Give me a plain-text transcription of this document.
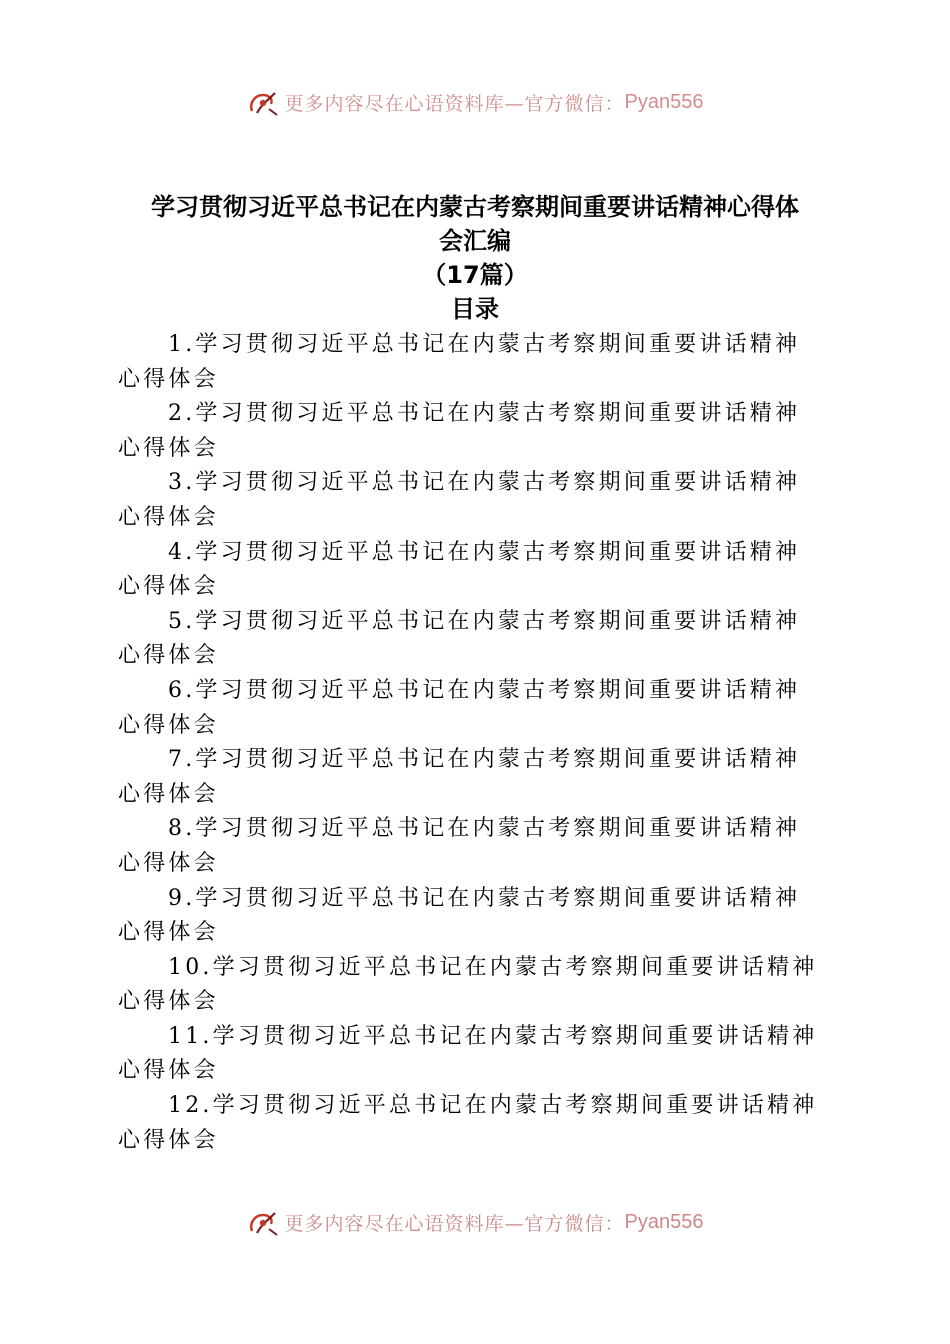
更多内容尽在心语资料库—官方微信： Pyan556
学习贯彻习近平总书记在内蒙古考察期间重要讲话精神心得体
会汇编
（17篇）
目录
1.学习贯彻习近平总书记在内蒙古考察期间重要讲话精神
心得体会
2.学习贯彻习近平总书记在内蒙古考察期间重要讲话精神
心得体会
3.学习贯彻习近平总书记在内蒙古考察期间重要讲话精神
心得体会
4.学习贯彻习近平总书记在内蒙古考察期间重要讲话精神
心得体会
5.学习贯彻习近平总书记在内蒙古考察期间重要讲话精神
心得体会
6.学习贯彻习近平总书记在内蒙古考察期间重要讲话精神
心得体会
7.学习贯彻习近平总书记在内蒙古考察期间重要讲话精神
心得体会
8.学习贯彻习近平总书记在内蒙古考察期间重要讲话精神
心得体会
9.学习贯彻习近平总书记在内蒙古考察期间重要讲话精神
心得体会
10.学习贯彻习近平总书记在内蒙古考察期间重要讲话精神
心得体会
11.学习贯彻习近平总书记在内蒙古考察期间重要讲话精神
心得体会
12.学习贯彻习近平总书记在内蒙古考察期间重要讲话精神
心得体会
更多内容尽在心语资料库—官方微信： Pyan556
